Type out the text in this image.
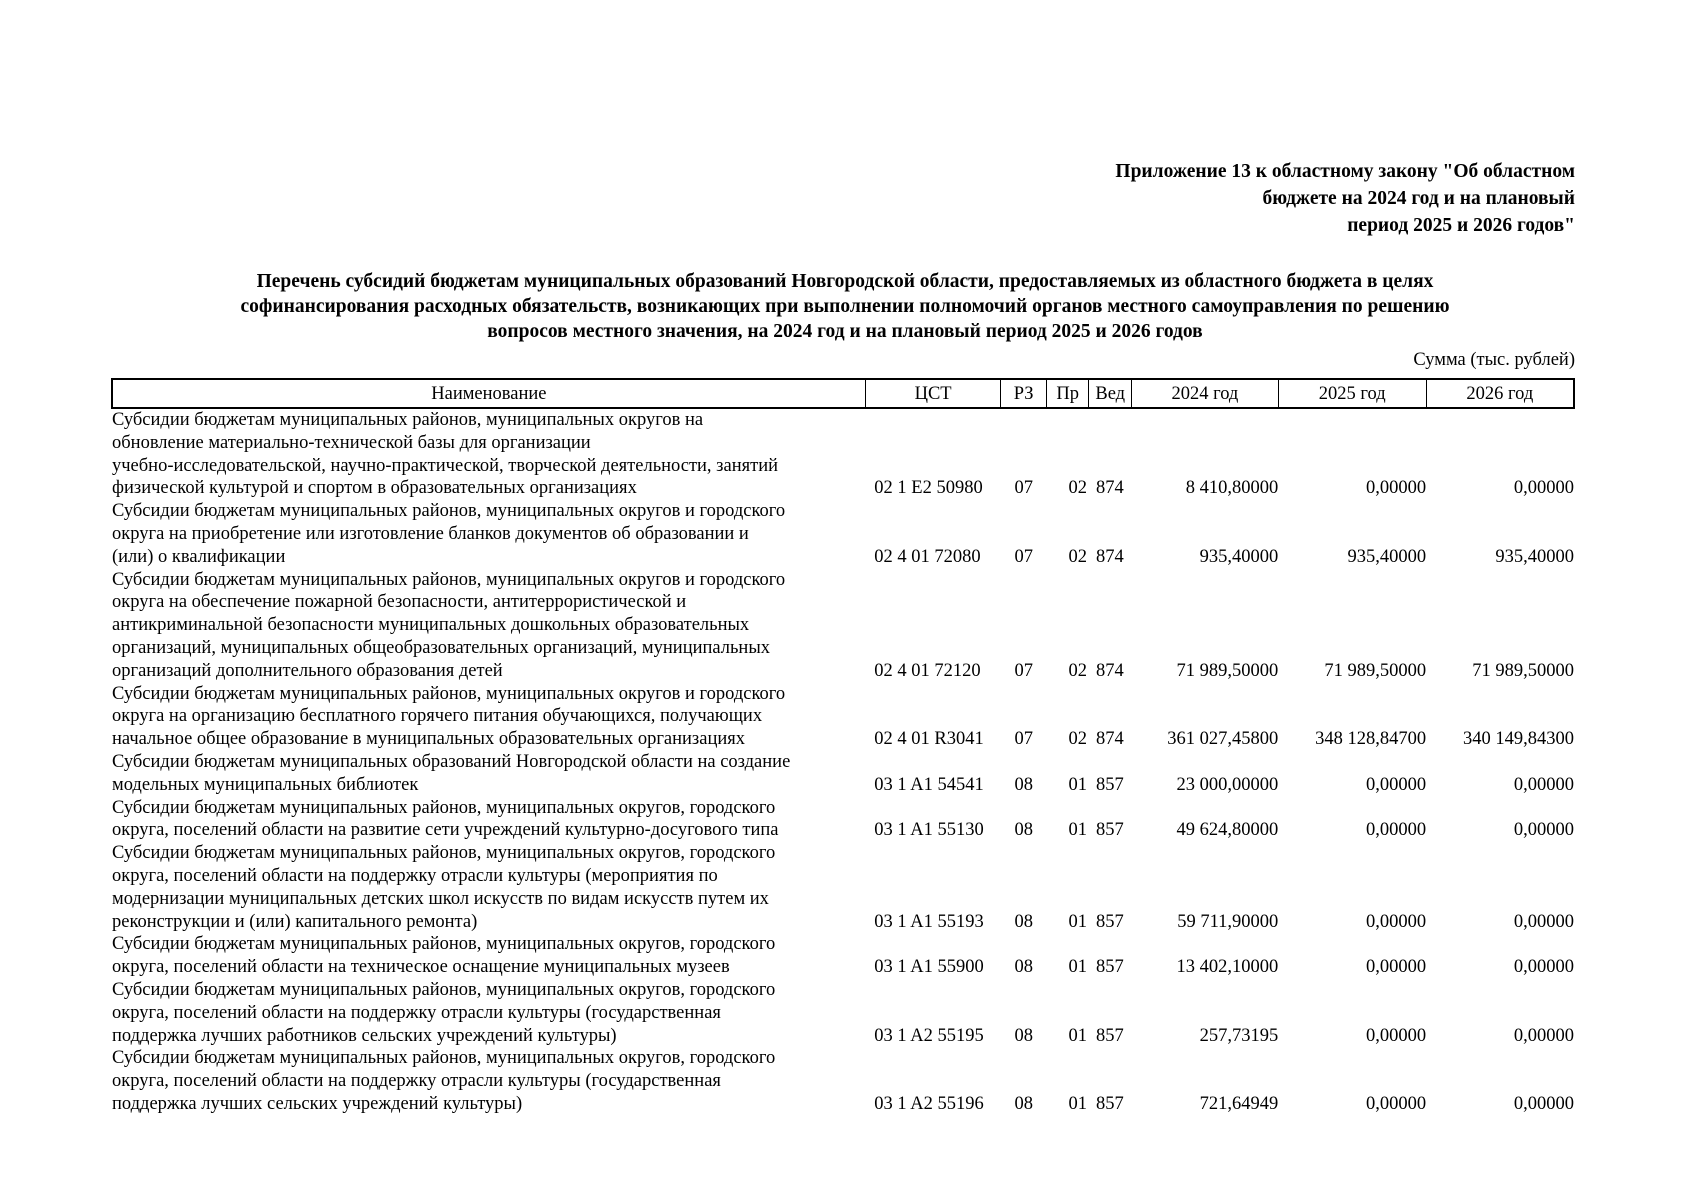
Приложение 13 к областному закону "Об областном
бюджете на 2024 год и на плановый
период 2025 и 2026 годов"
Перечень субсидий бюджетам муниципальных образований Новгородской области, предоставляемых из областного бюджета в целях
софинансирования расходных обязательств, возникающих при выполнении полномочий органов местного самоуправления по решению
вопросов местного значения, на 2024 год и на плановый период 2025 и 2026 годов
Сумма (тыс. рублей)
Наименование	ЦСТ	РЗ	Пр	Вед	2024 год	2025 год	2026 год

Субсидии бюджетам муниципальных районов, муниципальных округов на
обновление материально-технической базы для организации
учебно-исследовательской, научно-практической, творческой деятельности, занятий
физической культурой и спортом в образовательных организациях	02 1 E2 50980	07	02	874	8 410,80000	0,00000	0,00000

Субсидии бюджетам муниципальных районов, муниципальных округов и городского
округа на приобретение или изготовление бланков документов об образовании и
(или) о квалификации	02 4 01 72080	07	02	874	935,40000	935,40000	935,40000

Субсидии бюджетам муниципальных районов, муниципальных округов и городского
округа на обеспечение пожарной безопасности, антитеррористической и
антикриминальной безопасности муниципальных дошкольных образовательных
организаций, муниципальных общеобразовательных организаций, муниципальных
организаций дополнительного образования детей	02 4 01 72120	07	02	874	71 989,50000	71 989,50000	71 989,50000

Субсидии бюджетам муниципальных районов, муниципальных округов и городского
округа на организацию бесплатного горячего питания обучающихся, получающих
начальное общее образование в муниципальных образовательных организациях	02 4 01 R3041	07	02	874	361 027,45800	348 128,84700	340 149,84300

Субсидии бюджетам муниципальных образований Новгородской области на создание
модельных муниципальных библиотек	03 1 A1 54541	08	01	857	23 000,00000	0,00000	0,00000

Субсидии бюджетам муниципальных районов, муниципальных округов, городского
округа, поселений области на развитие сети учреждений культурно-досугового типа	03 1 A1 55130	08	01	857	49 624,80000	0,00000	0,00000

Субсидии бюджетам муниципальных районов, муниципальных округов, городского
округа, поселений области на поддержку отрасли культуры (мероприятия по
модернизации муниципальных детских школ искусств по видам искусств путем их
реконструкции и (или) капитального ремонта)	03 1 A1 55193	08	01	857	59 711,90000	0,00000	0,00000

Субсидии бюджетам муниципальных районов, муниципальных округов, городского
округа, поселений области на техническое оснащение муниципальных музеев	03 1 A1 55900	08	01	857	13 402,10000	0,00000	0,00000

Субсидии бюджетам муниципальных районов, муниципальных округов, городского
округа, поселений области на поддержку отрасли культуры (государственная
поддержка лучших работников сельских учреждений культуры)	03 1 A2 55195	08	01	857	257,73195	0,00000	0,00000

Субсидии бюджетам муниципальных районов, муниципальных округов, городского
округа, поселений области на поддержку отрасли культуры (государственная
поддержка лучших сельских учреждений культуры)	03 1 A2 55196	08	01	857	721,64949	0,00000	0,00000
